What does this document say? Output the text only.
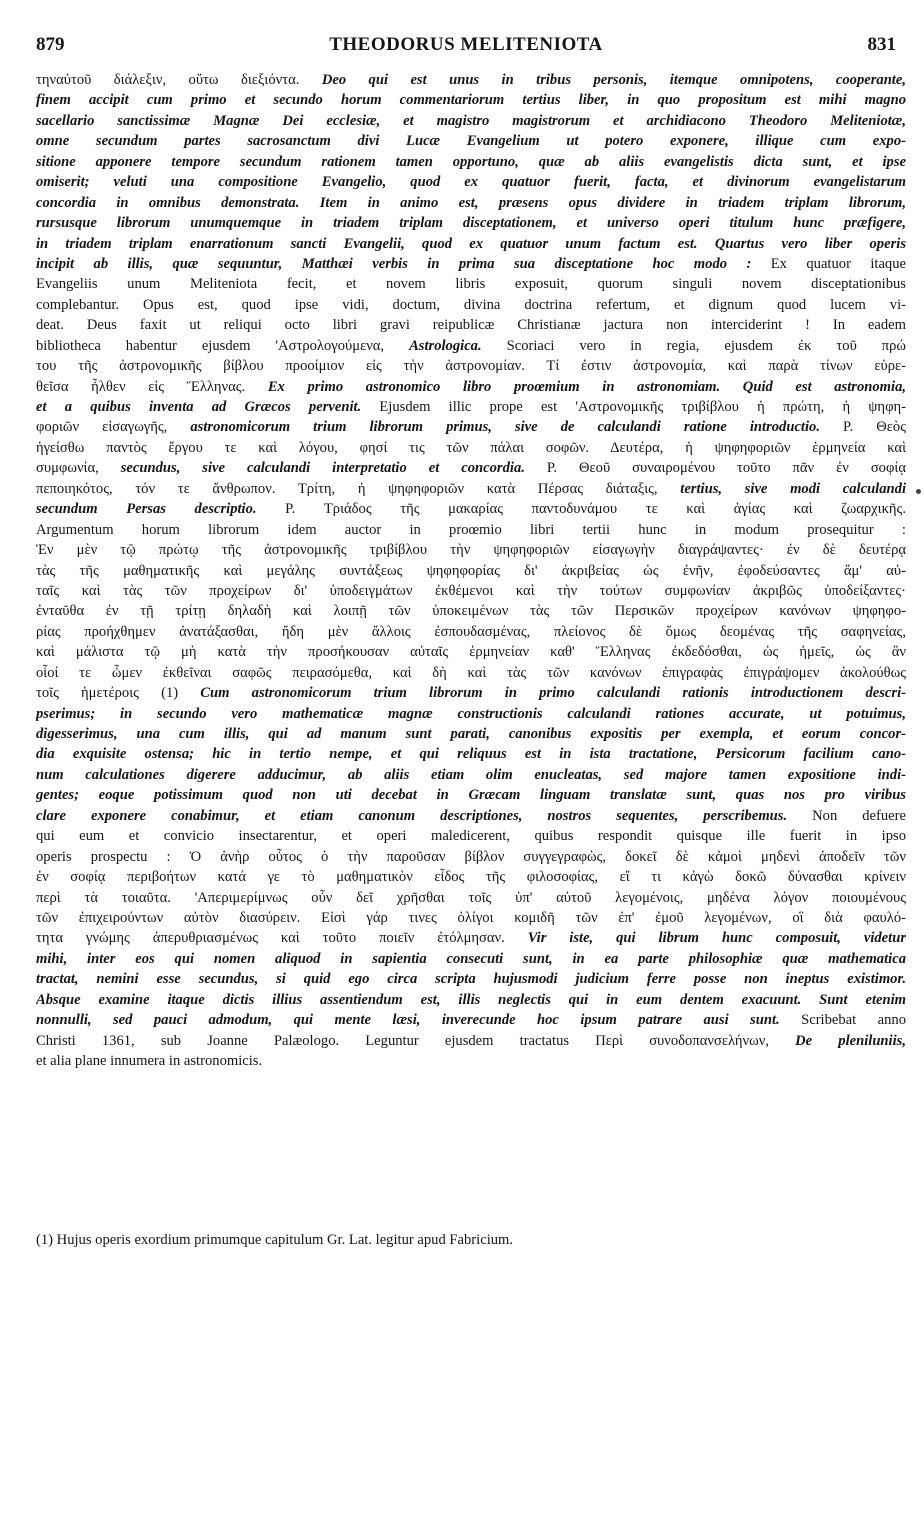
879	THEODORUS MELITENIOTA	831
τηναὐτοῦ διάλεξιν, οὕτω διεξιόντα. Deo qui est unus in tribus personis, itemque omnipotens, cooperante,
finem accipit cum primo et secundo horum commentariorum tertius liber, in quo propositum est mihi magno
sacellario sanctissimæ Magnæ Dei ecclesiæ, et magistro magistrorum et archidiacono Theodoro Meliteniotæ,
omne secundum partes sacrosanctum divi Lucæ Evangelium ut potero exponere, illique cum expo-
sitione apponere tempore secundum rationem tamen opportuno, quæ ab aliis evangelistis dicta sunt, et ipse
omiserit; veluti una compositione Evangelio, quod ex quatuor fuerit, facta, et divinorum evangelistarum
concordia in omnibus demonstrata. Item in animo est, præsens opus dividere in triadem triplam librorum,
rursusque librorum unumquemque in triadem triplam disceptationem, et universo operi titulum hunc præfigere,
in triadem triplam enarrationum sancti Evangelii, quod ex quatuor unum factum est. Quartus vero liber operis
incipit ab illis, quæ sequuntur, Matthæi verbis in prima sua disceptatione hoc modo : Ex quatuor itaque
Evangeliis unum Meliteniota fecit, et novem libris exposuit, quorum singuli novem disceptationibus
complebantur. Opus est, quod ipse vidi, doctum, divina doctrina refertum, et dignum quod lucem vi-
deat. Deus faxit ut reliqui octo libri gravi reipublicæ Christianæ jactura non interciderint ! In eadem
bibliotheca habentur ejusdem 'Αστρολογούμενα, Astrologica. Scoriaci vero in regia, ejusdem ἐκ τοῦ πρώ
του τῆς ἀστρονομικῆς βίβλου προοίμιον εἰς τὴν ἀστρονομίαν. Τί ἐστιν ἀστρονομία, καὶ παρὰ τίνων εὑρε-
θεῖσα ἦλθεν εἰς Ἕλληνας. Ex primo astronomico libro proœmium in astronomiam. Quid est astronomia,
et a quibus inventa ad Græcos pervenit. Ejusdem illic prope est 'Αστρονομικῆς τριβίβλου ἡ πρώτη, ἡ ψηφη-
φοριῶν εἰσαγωγῆς, astronomicorum trium librorum primus, sive de calculandi ratione introductio. P. Θεὸς
ἡγείσθω παντὸς ἔργου τε καὶ λόγου, φησί τις τῶν πάλαι σοφῶν. Δευτέρα, ἡ ψηφηφοριῶν ἑρμηνεία καὶ
συμφωνία, secundus, sive calculandi interpretatio et concordia. P. Θεοῦ συναιρομένου τοῦτο πᾶν ἐν σοφίᾳ
πεποιηκότος, τόν τε ἄνθρωπον. Τρίτη, ἡ ψηφηφοριῶν κατὰ Πέρσας διάταξις, tertius, sive modi calculandi
secundum Persas descriptio. P. Τριάδος τῆς μακαρίας παντοδυνάμου τε καὶ ἁγίας καὶ ζωαρχικῆς.
Argumentum horum librorum idem auctor in proœmio libri tertii hunc in modum prosequitur :
Ἐν μὲν τῷ πρώτῳ τῆς ἀστρονομικῆς τριβίβλου τὴν ψηφηφοριῶν εἰσαγωγὴν διαγράψαντες· ἐν δὲ δευτέρᾳ
τὰς τῆς μαθηματικῆς καὶ μεγάλης συντάξεως ψηφηφορίας δι' ἀκριβείας ὡς ἐνῆν, ἐφοδεύσαντες ἅμ' αὐ-
ταῖς καὶ τὰς τῶν προχείρων δι' ὑποδειγμάτων ἐκθέμενοι καὶ τὴν τούτων συμφωνίαν ἀκριβῶς ὑποδείξαντες·
ἐνταῦθα ἐν τῇ τρίτῃ δηλαδὴ καὶ λοιπῇ τῶν ὑποκειμένων τὰς τῶν Περσικῶν προχείρων κανόνων ψηφηφο-
ρίας προήχθημεν ἀνατάξασθαι, ἤδη μὲν ἄλλοις ἐσπουδασμένας, πλείονος δὲ ὅμως δεομένας τῆς σαφηνείας,
καὶ μάλιστα τῷ μὴ κατὰ τὴν προσήκουσαν αὐταῖς ἑρμηνείαν καθ' Ἕλληνας ἐκδεδόσθαι, ὡς ἡμεῖς, ὡς ἂν
οἷοί τε ὦμεν ἐκθεῖναι σαφῶς πειρασόμεθα, καὶ δὴ καὶ τὰς τῶν κανόνων ἐπιγραφὰς ἐπιγράψομεν ἀκολούθως
τοῖς ἡμετέροις (1) Cum astronomicorum trium librorum in primo calculandi rationis introductionem descri-
pserimus; in secundo vero mathematicæ magnæ constructionis calculandi rationes accurate, ut potuimus,
digesserimus, una cum illis, qui ad manum sunt parati, canonibus expositis per exempla, et eorum concor-
dia exquisite ostensa; hic in tertio nempe, et qui reliquus est in ista tractatione, Persicorum facilium cano-
num calculationes digerere adducimur, ab aliis etiam olim enucleatas, sed majore tamen expositione indi-
gentes; eoque potissimum quod non uti decebat in Græcam linguam translatæ sunt, quas nos pro viribus
clare exponere conabimur, et etiam canonum descriptiones, nostros sequentes, perscribemus. Non defuere
qui eum et convicio insectarentur, et operi maledicerent, quibus respondit quisque ille fuerit in ipso
operis prospectu : Ὁ ἀνὴρ οὗτος ὁ τὴν παροῦσαν βίβλον συγγεγραφὼς, δοκεῖ δὲ κἀμοὶ μηδενὶ ἀποδεῖν τῶν
ἐν σοφίᾳ περιβοήτων κατά γε τὸ μαθηματικὸν εἶδος τῆς φιλοσοφίας, εἴ τι κἀγὼ δοκῶ δύνασθαι κρίνειν
περὶ τὰ τοιαῦτα. 'Απεριμερίμνως οὖν δεῖ χρῆσθαι τοῖς ὑπ' αὐτοῦ λεγομένοις, μηδένα λόγον ποιουμένους
τῶν ἐπιχειρούντων αὐτὸν διασύρειν. Εἰσὶ γάρ τινες ὀλίγοι κομιδῆ τῶν ἐπ' ἐμοῦ λεγομένων, οἳ διὰ φαυλό-
τητα γνώμης ἀπερυθριασμένως καὶ τοῦτο ποιεῖν ἐτόλμησαν. Vir iste, qui librum hunc composuit, videtur
mihi, inter eos qui nomen aliquod in sapientia consecuti sunt, in ea parte philosophiæ quæ mathematica
tractat, nemini esse secundus, si quid ego circa scripta hujusmodi judicium ferre posse non ineptus existimor.
Absque examine itaque dictis illius assentiendum est, illis neglectis qui in eum dentem exacuunt. Sunt etenim
nonnulli, sed pauci admodum, qui mente læsi, inverecunde hoc ipsum patrare ausi sunt. Scribebat anno
Christi 1361, sub Joanne Palæologo. Leguntur ejusdem tractatus Περὶ συνοδοπανσελήνων, De pleniluniis,
et alia plane innumera in astronomicis.
(1) Hujus operis exordium primumque capitulum Gr. Lat. legitur apud Fabricium.
